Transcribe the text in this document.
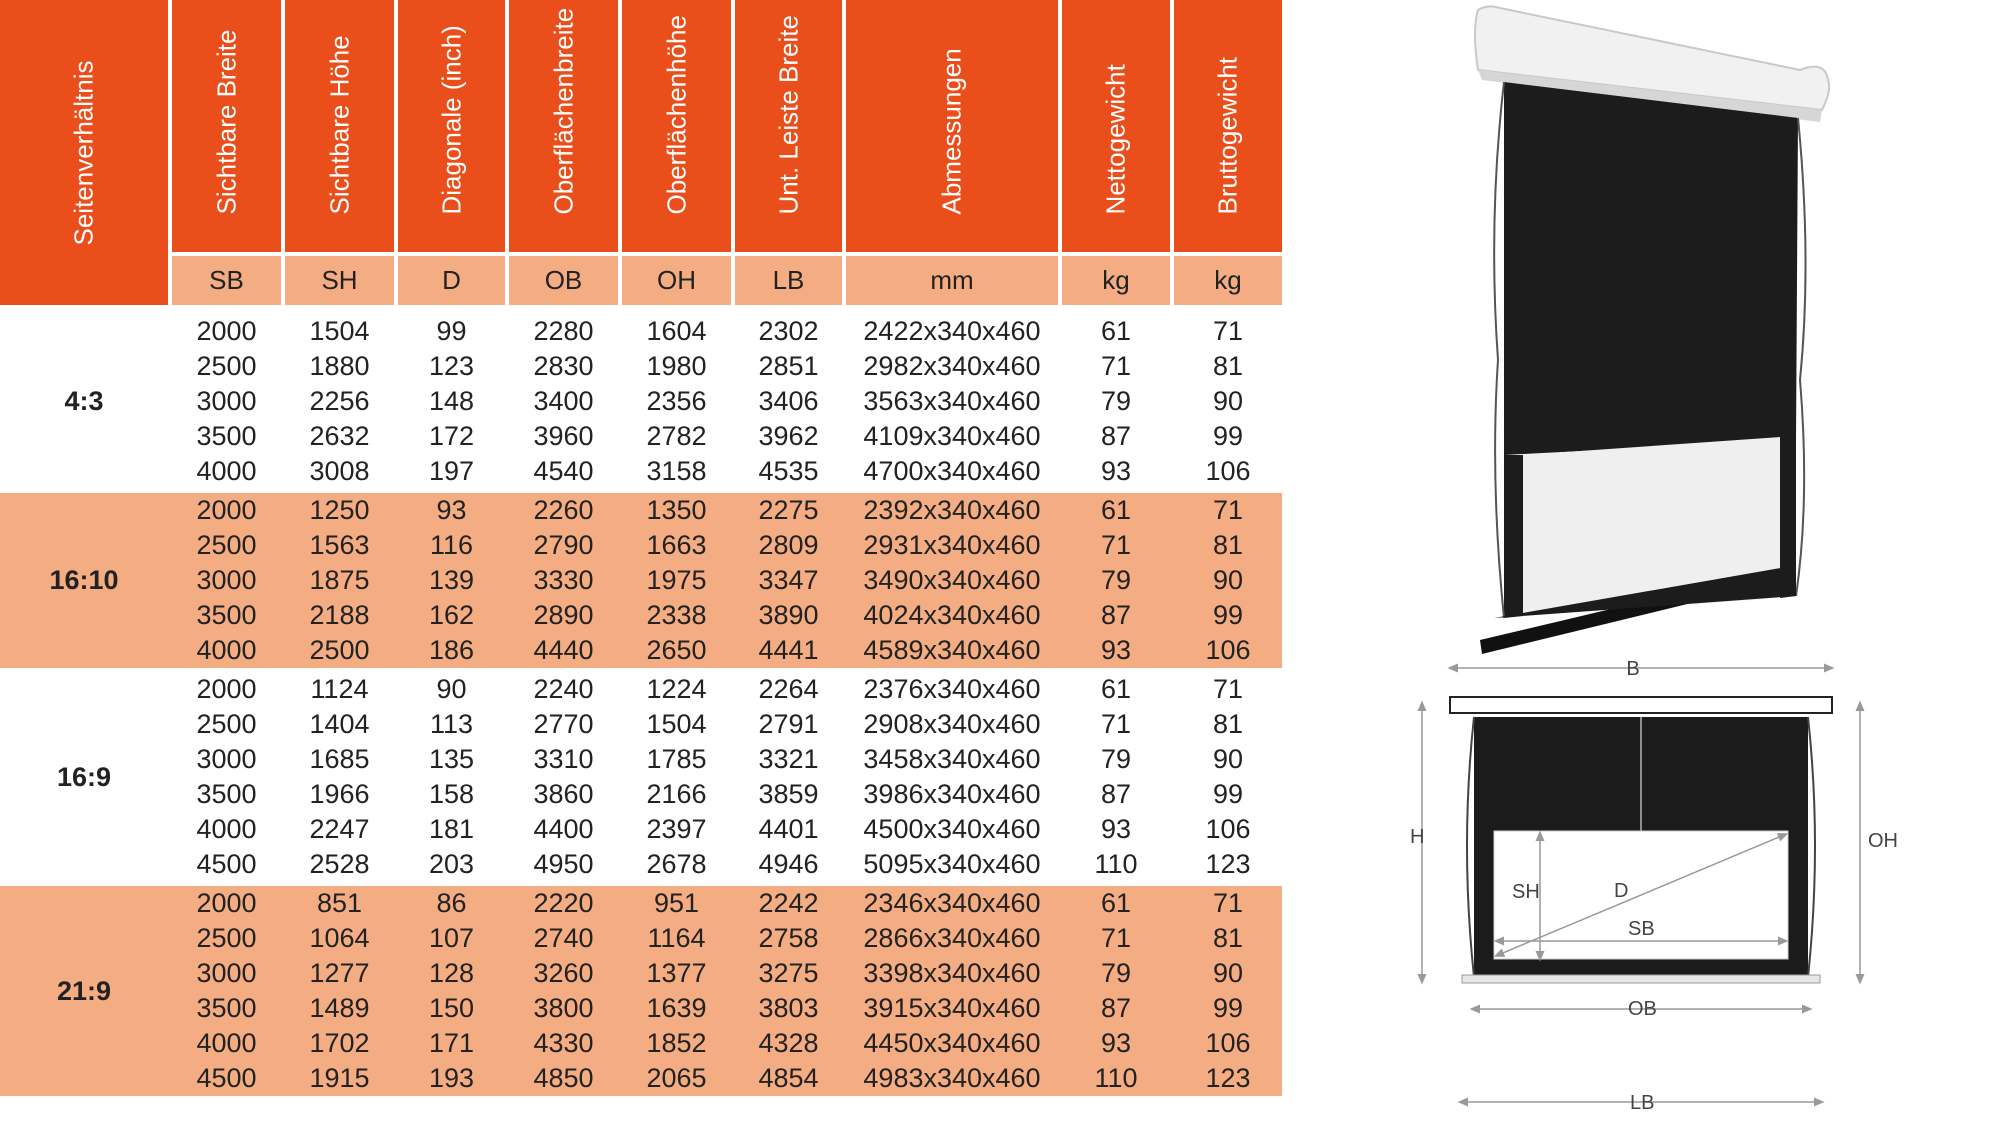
Seitenverhältnis	Sichtbare Breite	Sichtbare Höhe	Diagonale (inch)	Oberflächenbreite	Oberflächenhöhe	Unt. Leiste Breite	Abmessungen	Nettogewicht	Bruttogewicht

	SB	SH	D	OB	OH	LB	mm	kg	kg

4:3	2000	1504	99	2280	1604	2302	2422x340x460	61	71
	2500	1880	123	2830	1980	2851	2982x340x460	71	81
	3000	2256	148	3400	2356	3406	3563x340x460	79	90
	3500	2632	172	3960	2782	3962	4109x340x460	87	99
	4000	3008	197	4540	3158	4535	4700x340x460	93	106

16:10	2000	1250	93	2260	1350	2275	2392x340x460	61	71
	2500	1563	116	2790	1663	2809	2931x340x460	71	81
	3000	1875	139	3330	1975	3347	3490x340x460	79	90
	3500	2188	162	2890	2338	3890	4024x340x460	87	99
	4000	2500	186	4440	2650	4441	4589x340x460	93	106

16:9	2000	1124	90	2240	1224	2264	2376x340x460	61	71
	2500	1404	113	2770	1504	2791	2908x340x460	71	81
	3000	1685	135	3310	1785	3321	3458x340x460	79	90
	3500	1966	158	3860	2166	3859	3986x340x460	87	99
	4000	2247	181	4400	2397	4401	4500x340x460	93	106
	4500	2528	203	4950	2678	4946	5095x340x460	110	123

21:9	2000	851	86	2220	951	2242	2346x340x460	61	71
	2500	1064	107	2740	1164	2758	2866x340x460	71	81
	3000	1277	128	3260	1377	3275	3398x340x460	79	90
	3500	1489	150	3800	1639	3803	3915x340x460	87	99
	4000	1702	171	4330	1852	4328	4450x340x460	93	106
	4500	1915	193	4850	2065	4854	4983x340x460	110	123
B
H	OH
SH	D
SB
OB
LB
